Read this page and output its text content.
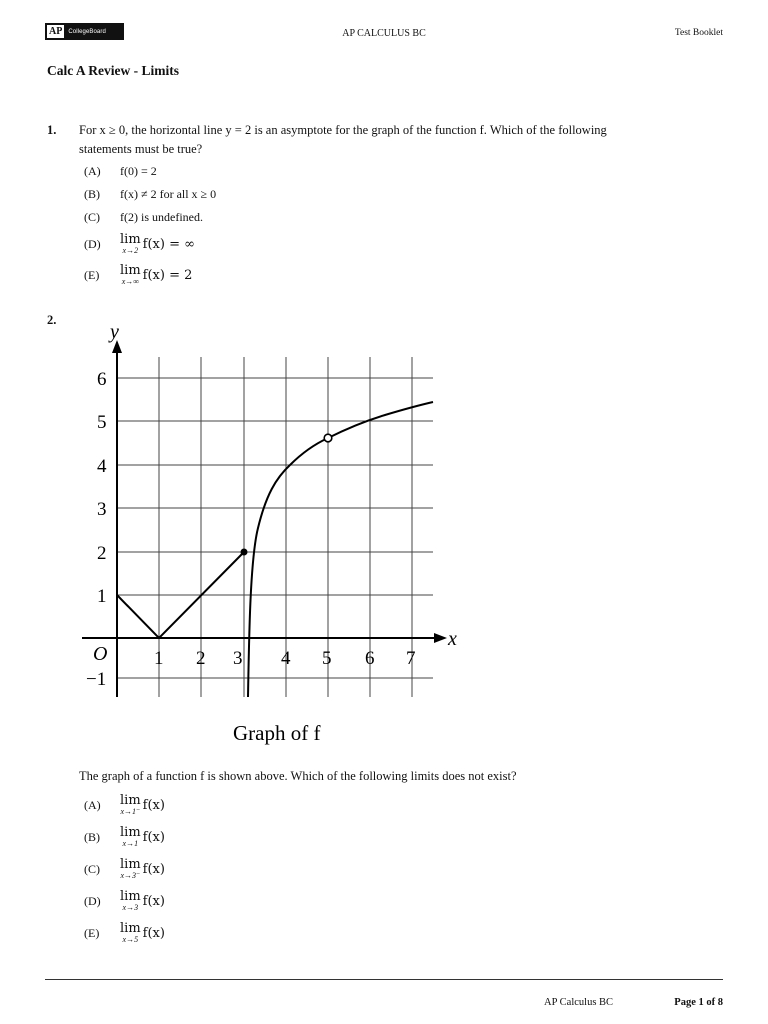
AP	CollegeBoard	AP CALCULUS BC	Test Booklet
Calc A Review - Limits
1. For x ≥ 0, the horizontal line y = 2 is an asymptote for the graph of the function f. Which of the following
statements must be true?
(A)	f(0) = 2
(B)	f(x) ≠ 2 for all x ≥ 0
(C)	f(2) is undefined.
(D)	lim
x→2 f(x) = ∞
(E)	lim
x→∞ f(x) = 2
2.
y
x
O
6
5
4
3
2
1
−1
1 2 3 4 5 6 7
Graph of f
The graph of a function f is shown above. Which of the following limits does not exist?
(A)	lim
x→1⁻ f(x)
(B)	lim
x→1 f(x)
(C)	lim
x→3⁻ f(x)
(D)	lim
x→3 f(x)
(E)	lim
x→5 f(x)
AP Calculus BC	Page 1 of 8
